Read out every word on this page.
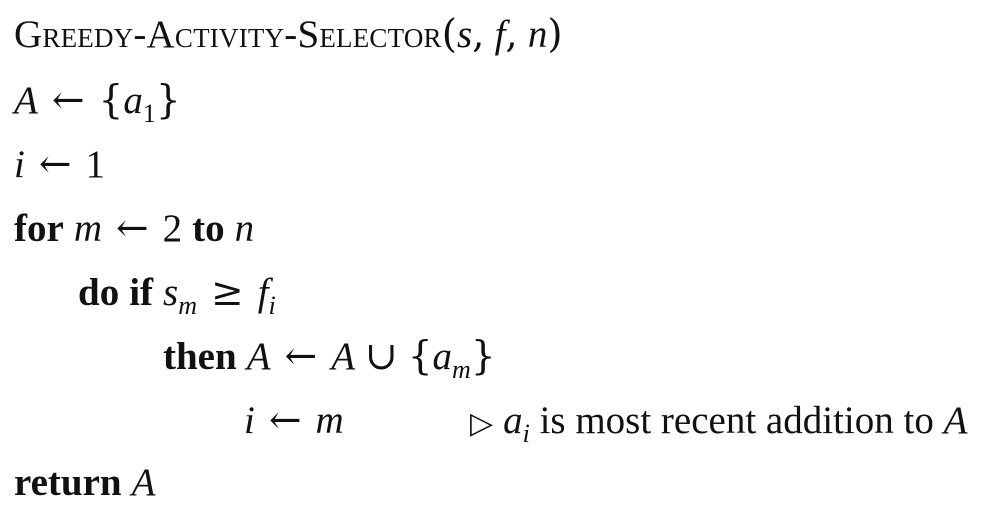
Greedy-Activity-Selector(s, f, n)
A ← $\{a_1\}$
i ← 1
for m ← 2 to n
do if $s_m \ge f_i$
then A ← A ∪ $\{a_m\}$
i ← m	▷ $a_i$ is most recent addition to A
return A
